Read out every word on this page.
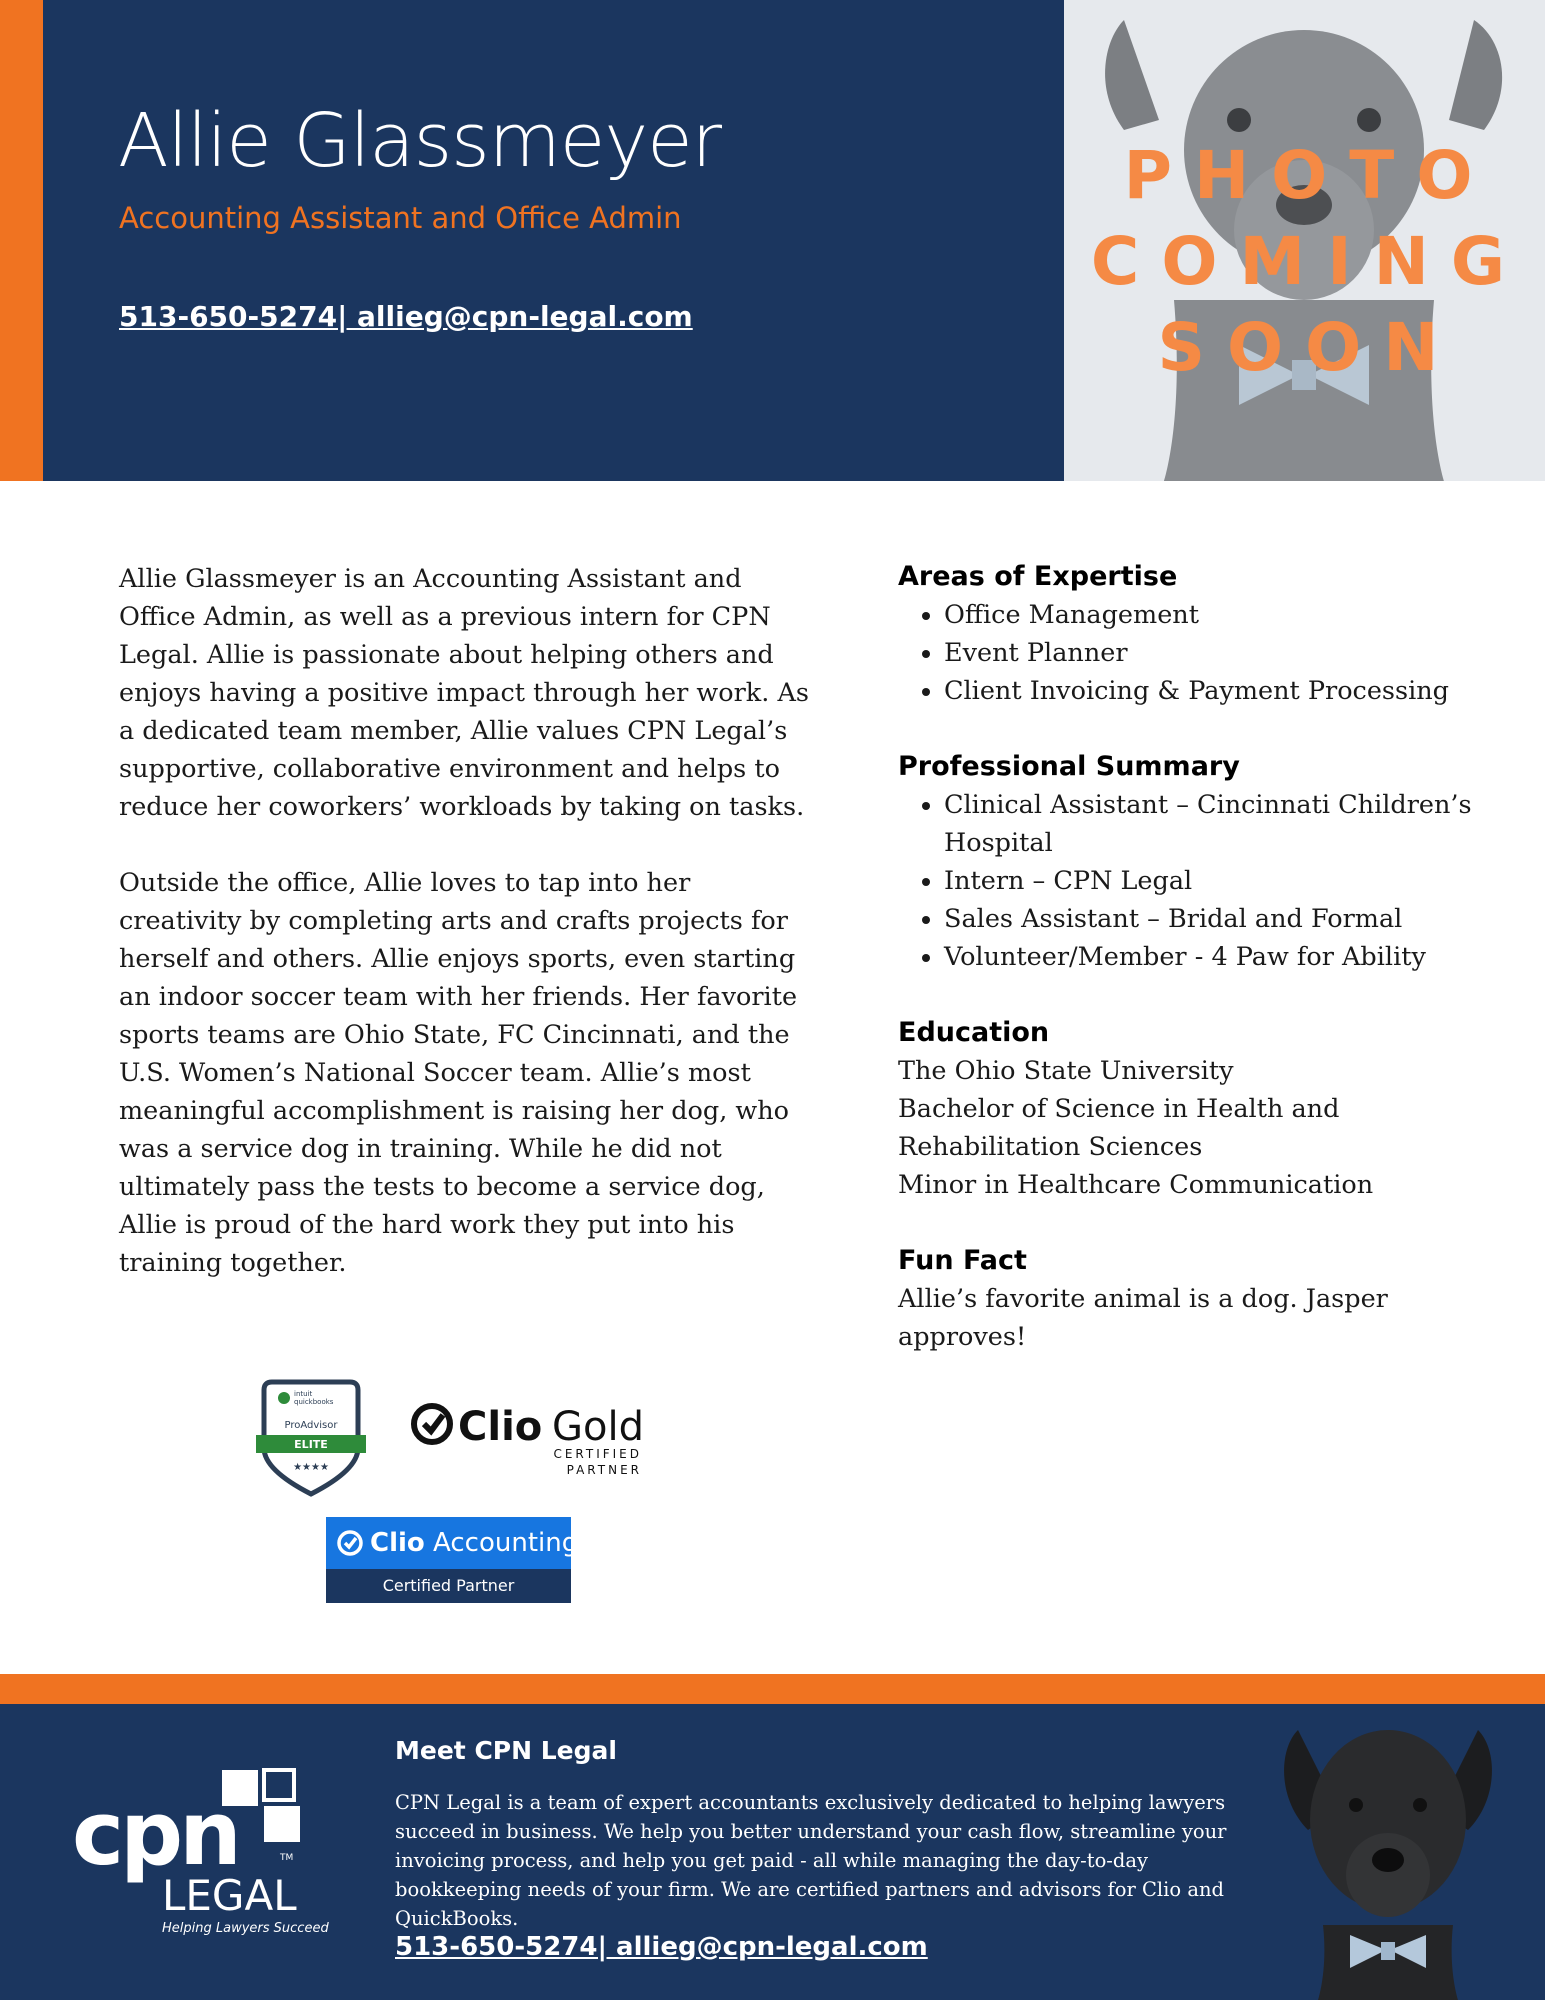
Allie Glassmeyer
Accounting Assistant and Office Admin
513-650-5274| allieg@cpn-legal.com
PHOTO
COMING
SOON

Allie Glassmeyer is an Accounting Assistant and Office Admin, as well as a previous intern for CPN Legal. Allie is passionate about helping others and enjoys having a positive impact through her work. As a dedicated team member, Allie values CPN Legal’s supportive, collaborative environment and helps to reduce her coworkers’ workloads by taking on tasks.

Outside the office, Allie loves to tap into her creativity by completing arts and crafts projects for herself and others. Allie enjoys sports, even starting an indoor soccer team with her friends. Her favorite sports teams are Ohio State, FC Cincinnati, and the U.S. Women’s National Soccer team. Allie’s most meaningful accomplishment is raising her dog, who was a service dog in training. While he did not ultimately pass the tests to become a service dog, Allie is proud of the hard work they put into his training together.

Areas of Expertise
• Office Management
• Event Planner
• Client Invoicing & Payment Processing
Professional Summary
• Clinical Assistant – Cincinnati Children’s Hospital
• Intern – CPN Legal
• Sales Assistant – Bridal and Formal
• Volunteer/Member - 4 Paw for Ability
Education
The Ohio State University
Bachelor of Science in Health and Rehabilitation Sciences
Minor in Healthcare Communication
Fun Fact
Allie’s favorite animal is a dog. Jasper approves!
intuit
quickbooks
ProAdvisor
ELITE
★★★★
Clio Gold
CERTIFIED
PARTNER
Clio Accounting
Certified Partner
cpn	TM
LEGAL
Helping Lawyers Succeed
Meet CPN Legal
CPN Legal is a team of expert accountants exclusively dedicated to helping lawyers succeed in business. We help you better understand your cash flow, streamline your invoicing process, and help you get paid - all while managing the day-to-day bookkeeping needs of your firm. We are certified partners and advisors for Clio and QuickBooks.
513-650-5274| allieg@cpn-legal.com
